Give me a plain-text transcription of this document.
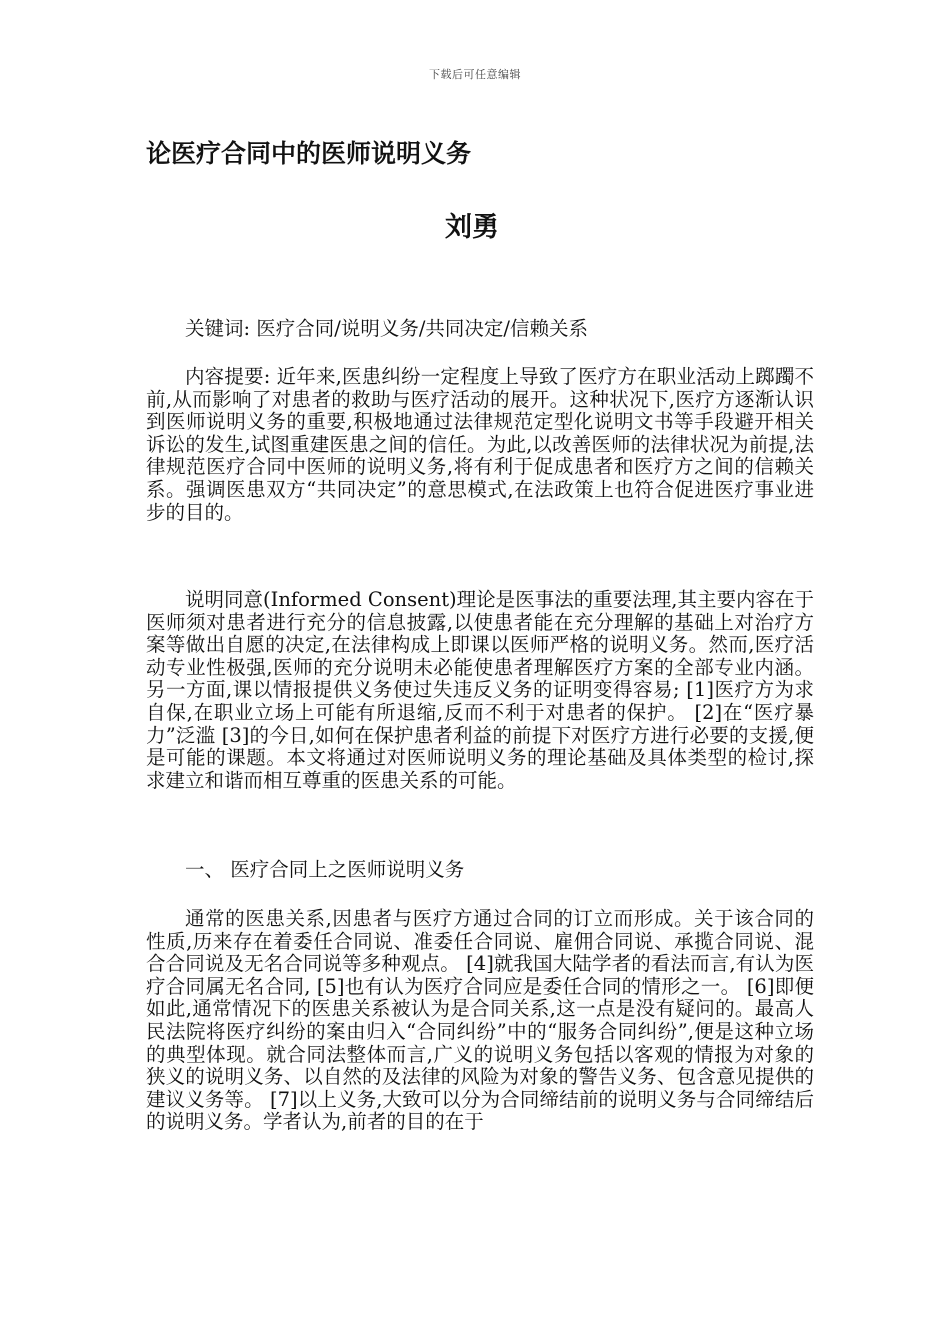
下载后可任意编辑
论医疗合同中的医师说明义务
刘勇

关键词: 医疗合同/说明义务/共同决定/信赖关系

内容提要: 近年来,医患纠纷一定程度上导致了医疗方在职业活动上踯躅不前,从而影响了对患者的救助与医疗活动的展开。这种状况下,医疗方逐渐认识到医师说明义务的重要,积极地通过法律规范定型化说明文书等手段避开相关诉讼的发生,试图重建医患之间的信任。为此,以改善医师的法律状况为前提,法律规范医疗合同中医师的说明义务,将有利于促成患者和医疗方之间的信赖关系。强调医患双方“共同决定”的意思模式,在法政策上也符合促进医疗事业进步的目的。

说明同意(Informed Consent)理论是医事法的重要法理,其主要内容在于医师须对患者进行充分的信息披露,以使患者能在充分理解的基础上对治疗方案等做出自愿的决定,在法律构成上即课以医师严格的说明义务。然而,医疗活动专业性极强,医师的充分说明未必能使患者理解医疗方案的全部专业内涵。另一方面,课以情报提供义务使过失违反义务的证明变得容易; [1]医疗方为求自保,在职业立场上可能有所退缩,反而不利于对患者的保护。 [2]在“医疗暴力”泛滥 [3]的今日,如何在保护患者利益的前提下对医疗方进行必要的支援,便是可能的课题。本文将通过对医师说明义务的理论基础及具体类型的检讨,探求建立和谐而相互尊重的医患关系的可能。

一、 医疗合同上之医师说明义务

通常的医患关系,因患者与医疗方通过合同的订立而形成。关于该合同的性质,历来存在着委任合同说、准委任合同说、雇佣合同说、承揽合同说、混合合同说及无名合同说等多种观点。 [4]就我国大陆学者的看法而言,有认为医疗合同属无名合同, [5]也有认为医疗合同应是委任合同的情形之一。 [6]即便如此,通常情况下的医患关系被认为是合同关系,这一点是没有疑问的。最高人民法院将医疗纠纷的案由归入“合同纠纷”中的“服务合同纠纷”,便是这种立场的典型体现。就合同法整体而言,广义的说明义务包括以客观的情报为对象的狭义的说明义务、以自然的及法律的风险为对象的警告义务、包含意见提供的建议义务等。 [7]以上义务,大致可以分为合同缔结前的说明义务与合同缔结后的说明义务。学者认为,前者的目的在于
